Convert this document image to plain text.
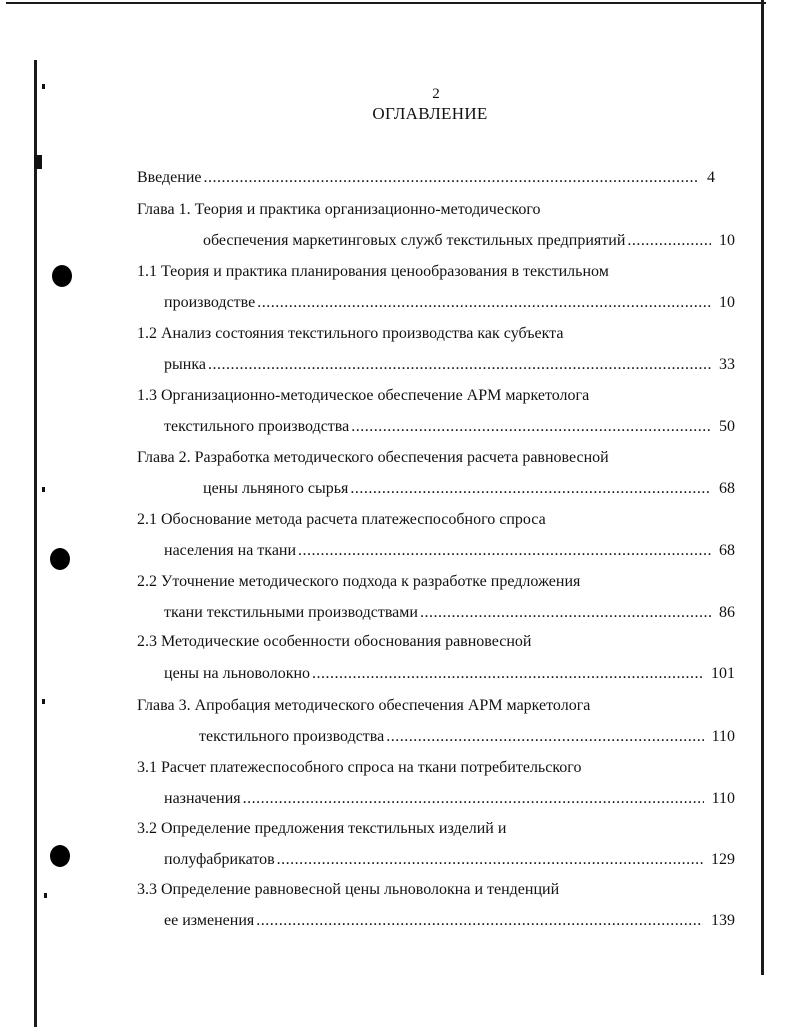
2
ОГЛАВЛЕНИЕ
Введение .....	4
Глава 1. Теория и практика организационно-методического
обеспечения маркетинговых служб текстильных предприятий .....	10
1.1 Теория и практика планирования ценообразования в текстильном
производстве .....	10
1.2 Анализ состояния текстильного производства как субъекта
рынка .....	33
1.3 Организационно-методическое обеспечение АРМ маркетолога
текстильного производства .....	50
Глава 2. Разработка методического обеспечения расчета равновесной
цены льняного сырья .....	68
2.1 Обоснование метода расчета платежеспособного спроса
населения на ткани .....	68
2.2 Уточнение методического подхода к разработке предложения
ткани текстильными производствами .....	86
2.3 Методические особенности обоснования равновесной
цены на льноволокно .....	101
Глава 3. Апробация методического обеспечения АРМ маркетолога
текстильного производства .....	110
3.1 Расчет платежеспособного спроса на ткани потребительского
назначения .....	110
3.2 Определение предложения текстильных изделий и
полуфабрикатов .....	129
3.3 Определение равновесной цены льноволокна и тенденций
ее изменения .....	139
